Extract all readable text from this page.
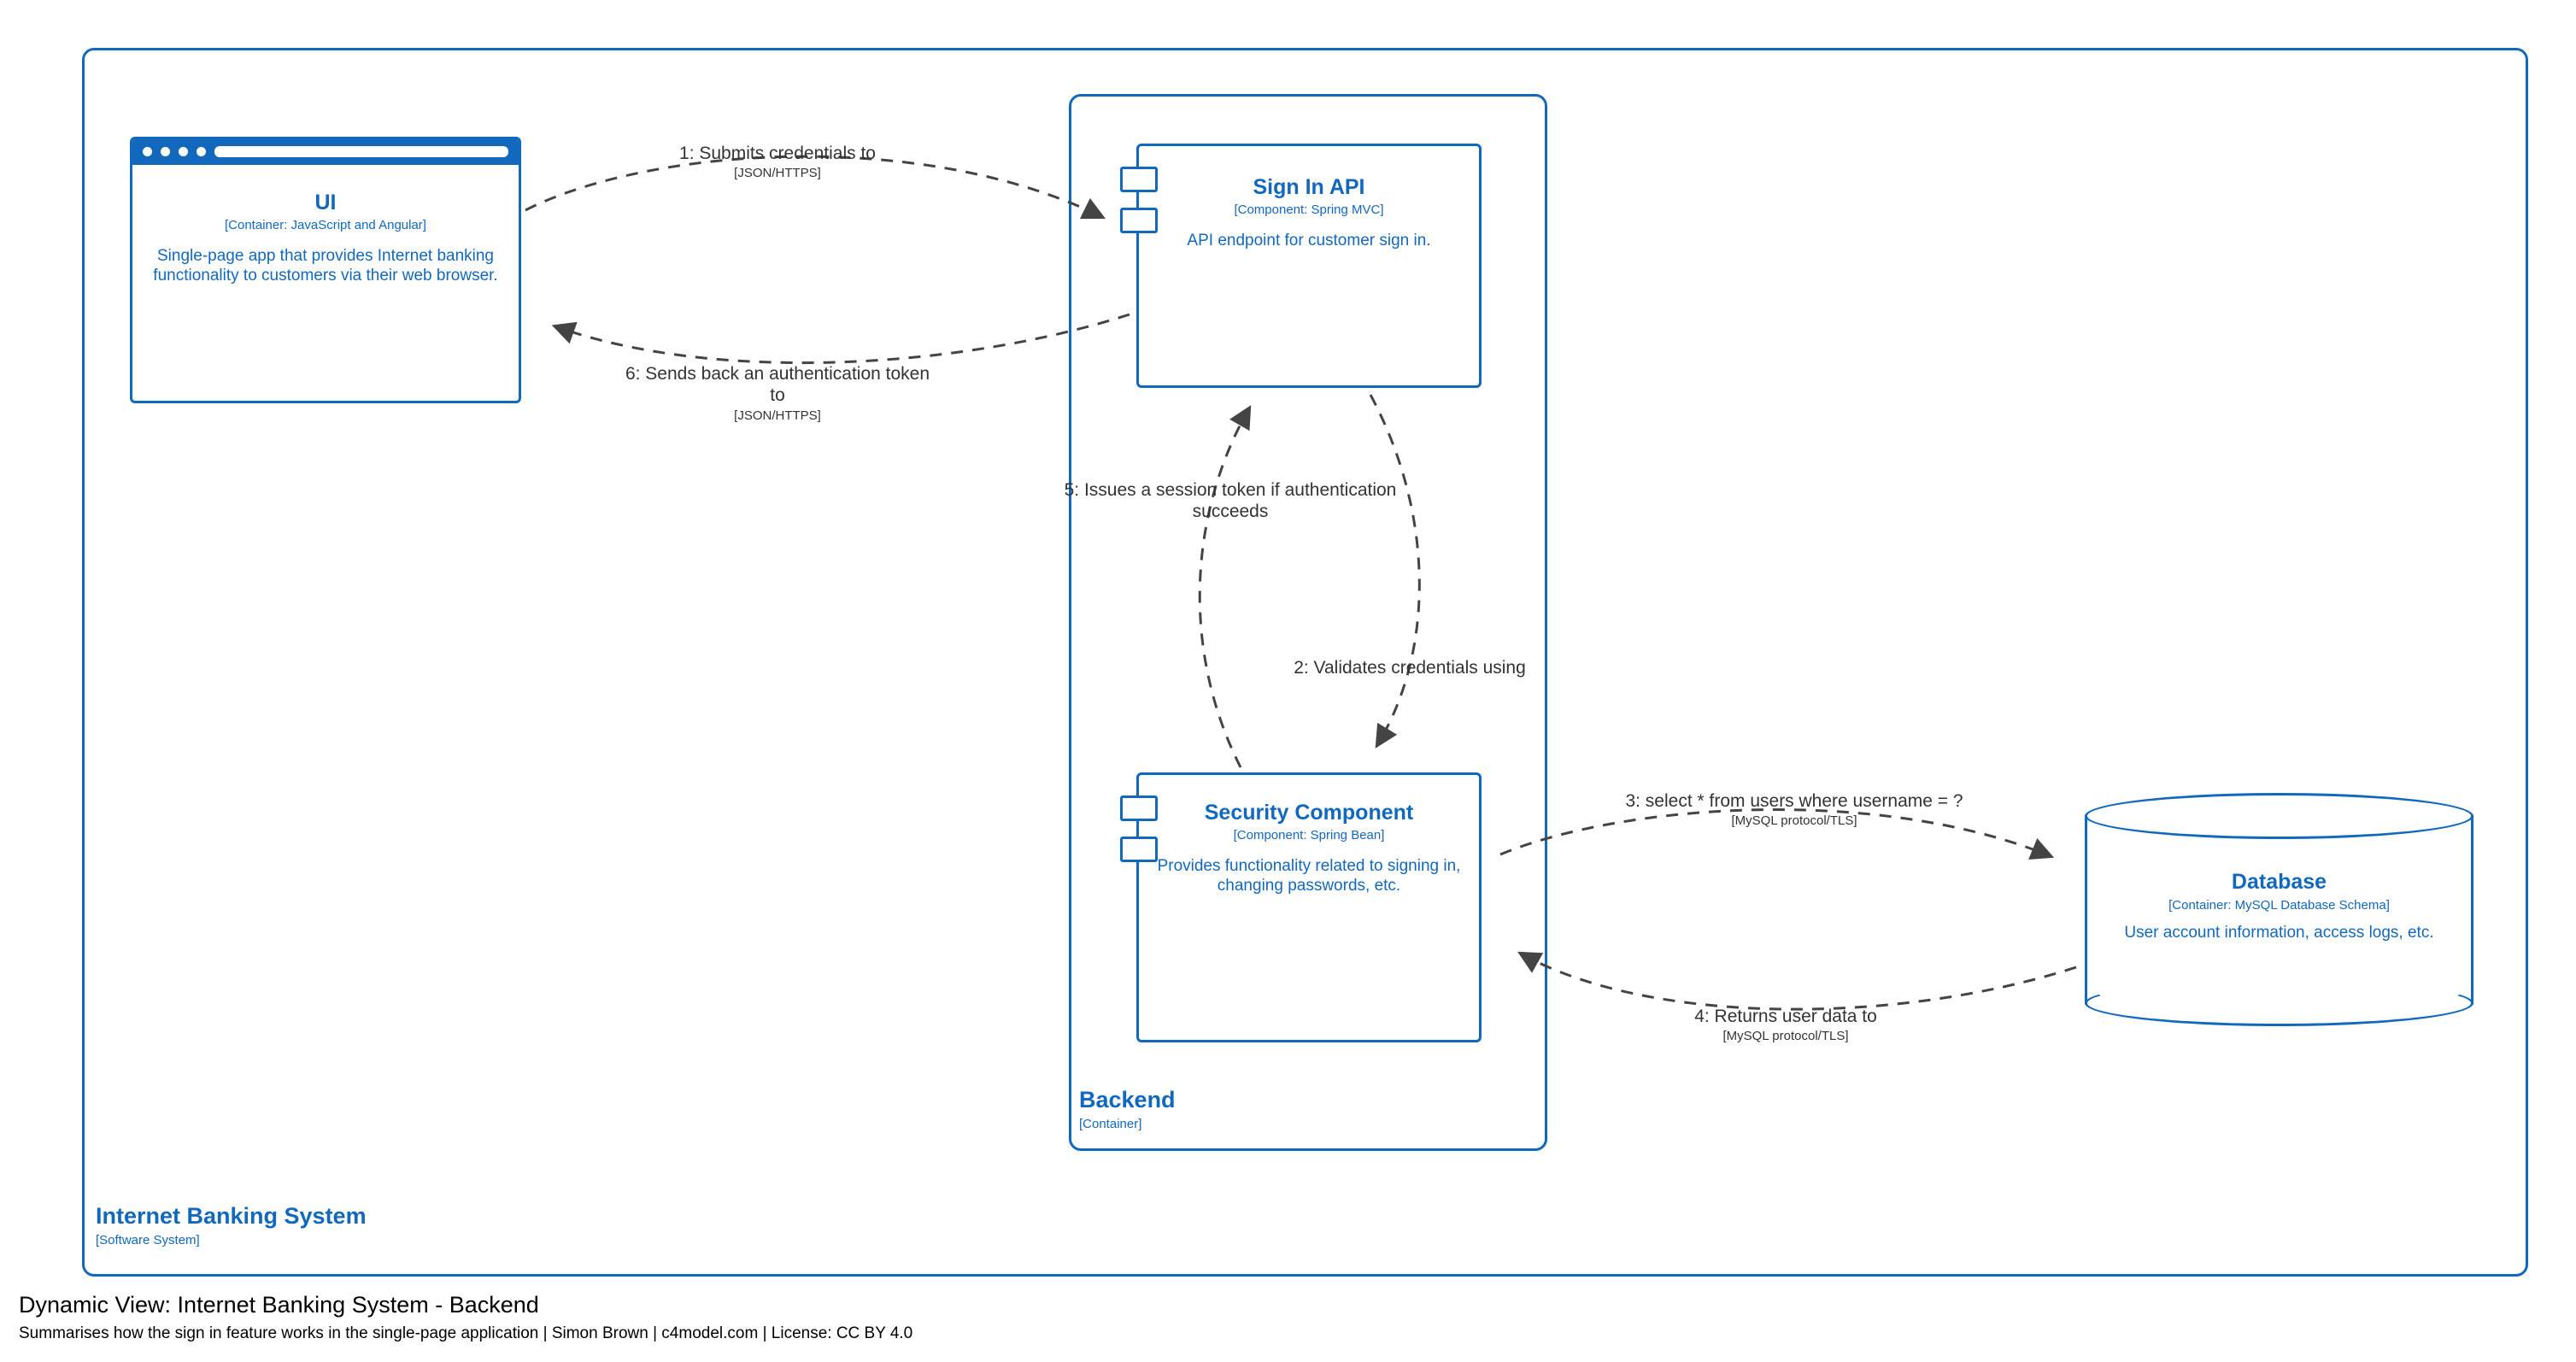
Internet Banking System
[Software System]
Backend
[Container]
UI
[Container: JavaScript and Angular]
Single-page app that provides Internet banking functionality to customers via their web browser.
Sign In API
[Component: Spring MVC]
API endpoint for customer sign in.
Security Component
[Component: Spring Bean]
Provides functionality related to signing in, changing passwords, etc.	Database
[Container: MySQL Database Schema]
User account information, access logs, etc.

1: Submits credentials to

[JSON/HTTPS]

6: Sends back an authentication token to

[JSON/HTTPS]

5: Issues a session token if authentication succeeds

2: Validates credentials using

3: select * from users where username = ?

[MySQL protocol/TLS]

4: Returns user data to

[MySQL protocol/TLS]

Dynamic View: Internet Banking System - Backend
Summarises how the sign in feature works in the single-page application | Simon Brown | c4model.com | License: CC BY 4.0
